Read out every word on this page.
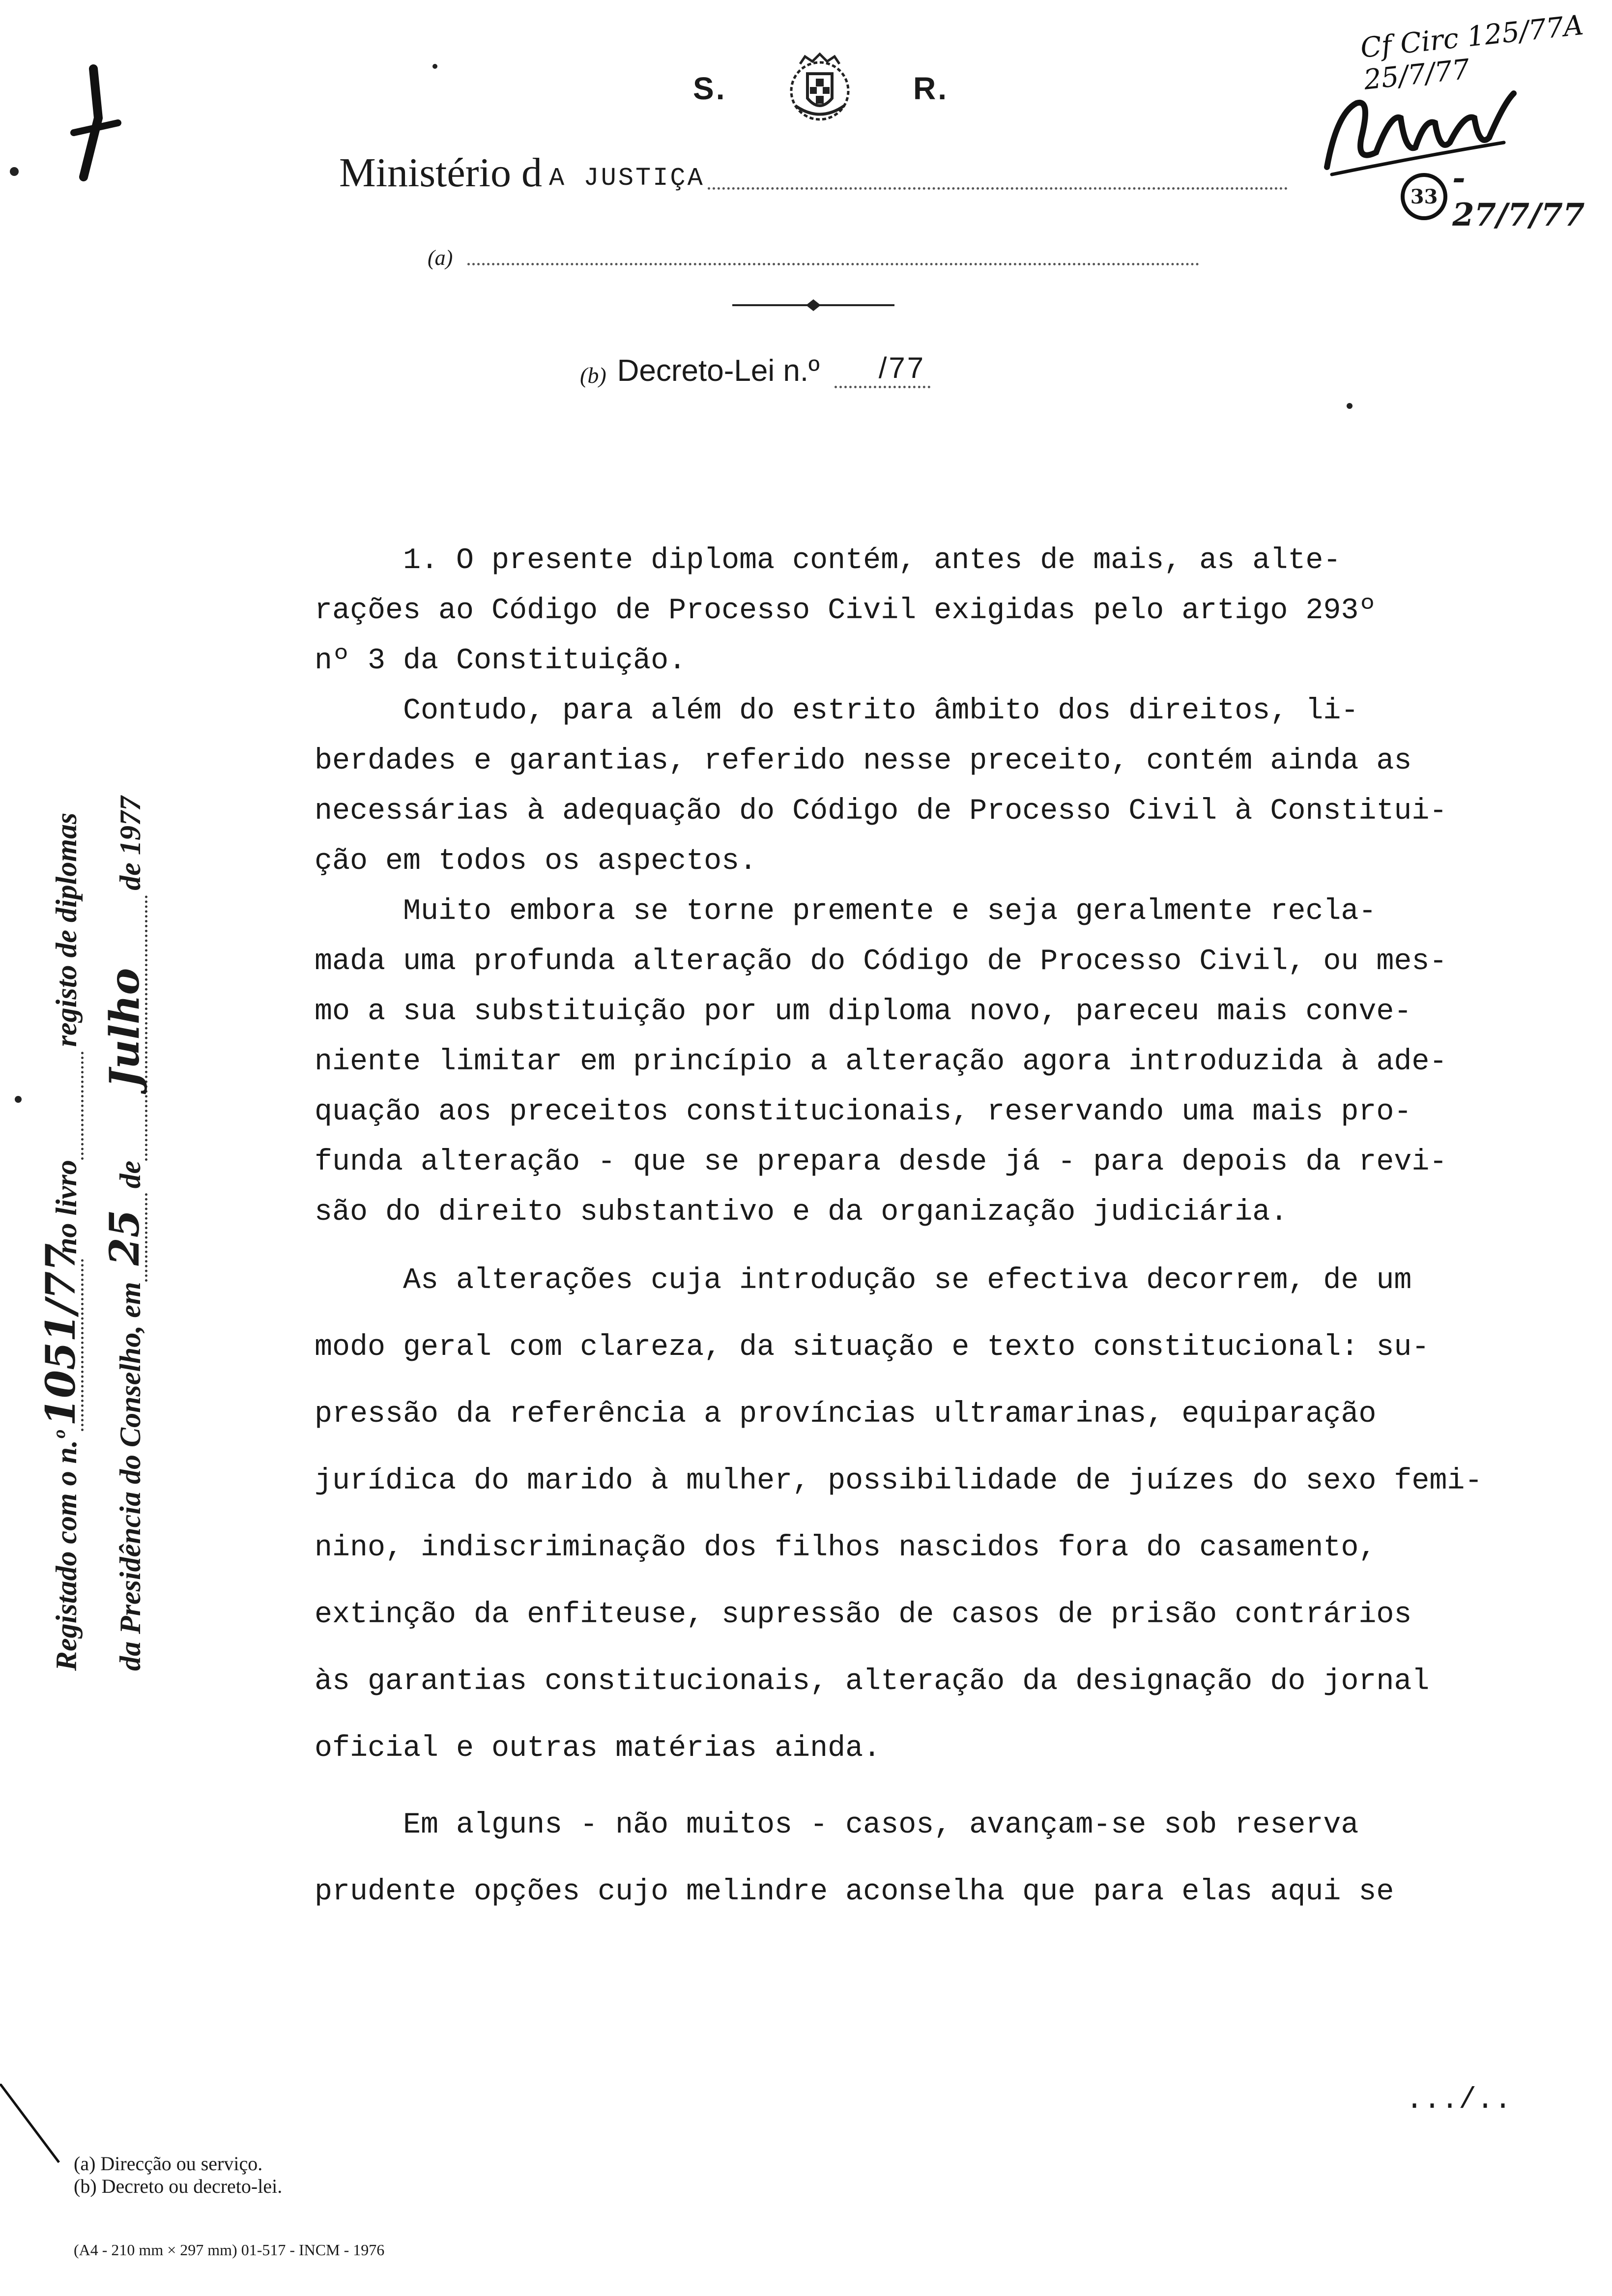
S.	R.
Ministério d A JUSTIÇA
(a)
(b) Decreto-Lei n.º	/77
Cf Circ 125/77A 25/7/77
33 - 27/7/77
Registado com o n.º
1051/77
no livro
registo de diplomas
da Presidência do Conselho, em
25
de
Julho
de 1977
1. O presente diploma contém, antes de mais, as alte-
rações ao Código de Processo Civil exigidas pelo artigo 293º
nº 3 da Constituição.
Contudo, para além do estrito âmbito dos direitos, li-
berdades e garantias, referido nesse preceito, contém ainda as
necessárias à adequação do Código de Processo Civil à Constitui-
ção em todos os aspectos.
Muito embora se torne premente e seja geralmente recla-
mada uma profunda alteração do Código de Processo Civil, ou mes-
mo a sua substituição por um diploma novo, pareceu mais conve-
niente limitar em princípio a alteração agora introduzida à ade-
quação aos preceitos constitucionais, reservando uma mais pro-
funda alteração - que se prepara desde já - para depois da revi-
são do direito substantivo e da organização judiciária.
As alterações cuja introdução se efectiva decorrem, de um
modo geral com clareza, da situação e texto constitucional: su-
pressão da referência a províncias ultramarinas, equiparação
jurídica do marido à mulher, possibilidade de juízes do sexo femi-
nino, indiscriminação dos filhos nascidos fora do casamento,
extinção da enfiteuse, supressão de casos de prisão contrários
às garantias constitucionais, alteração da designação do jornal
oficial e outras matérias ainda.
Em alguns - não muitos - casos, avançam-se sob reserva
prudente opções cujo melindre aconselha que para elas aqui se
.../..
(a) Direcção ou serviço.
(b) Decreto ou decreto-lei.
(A4 - 210 mm × 297 mm) 01-517 - INCM - 1976
